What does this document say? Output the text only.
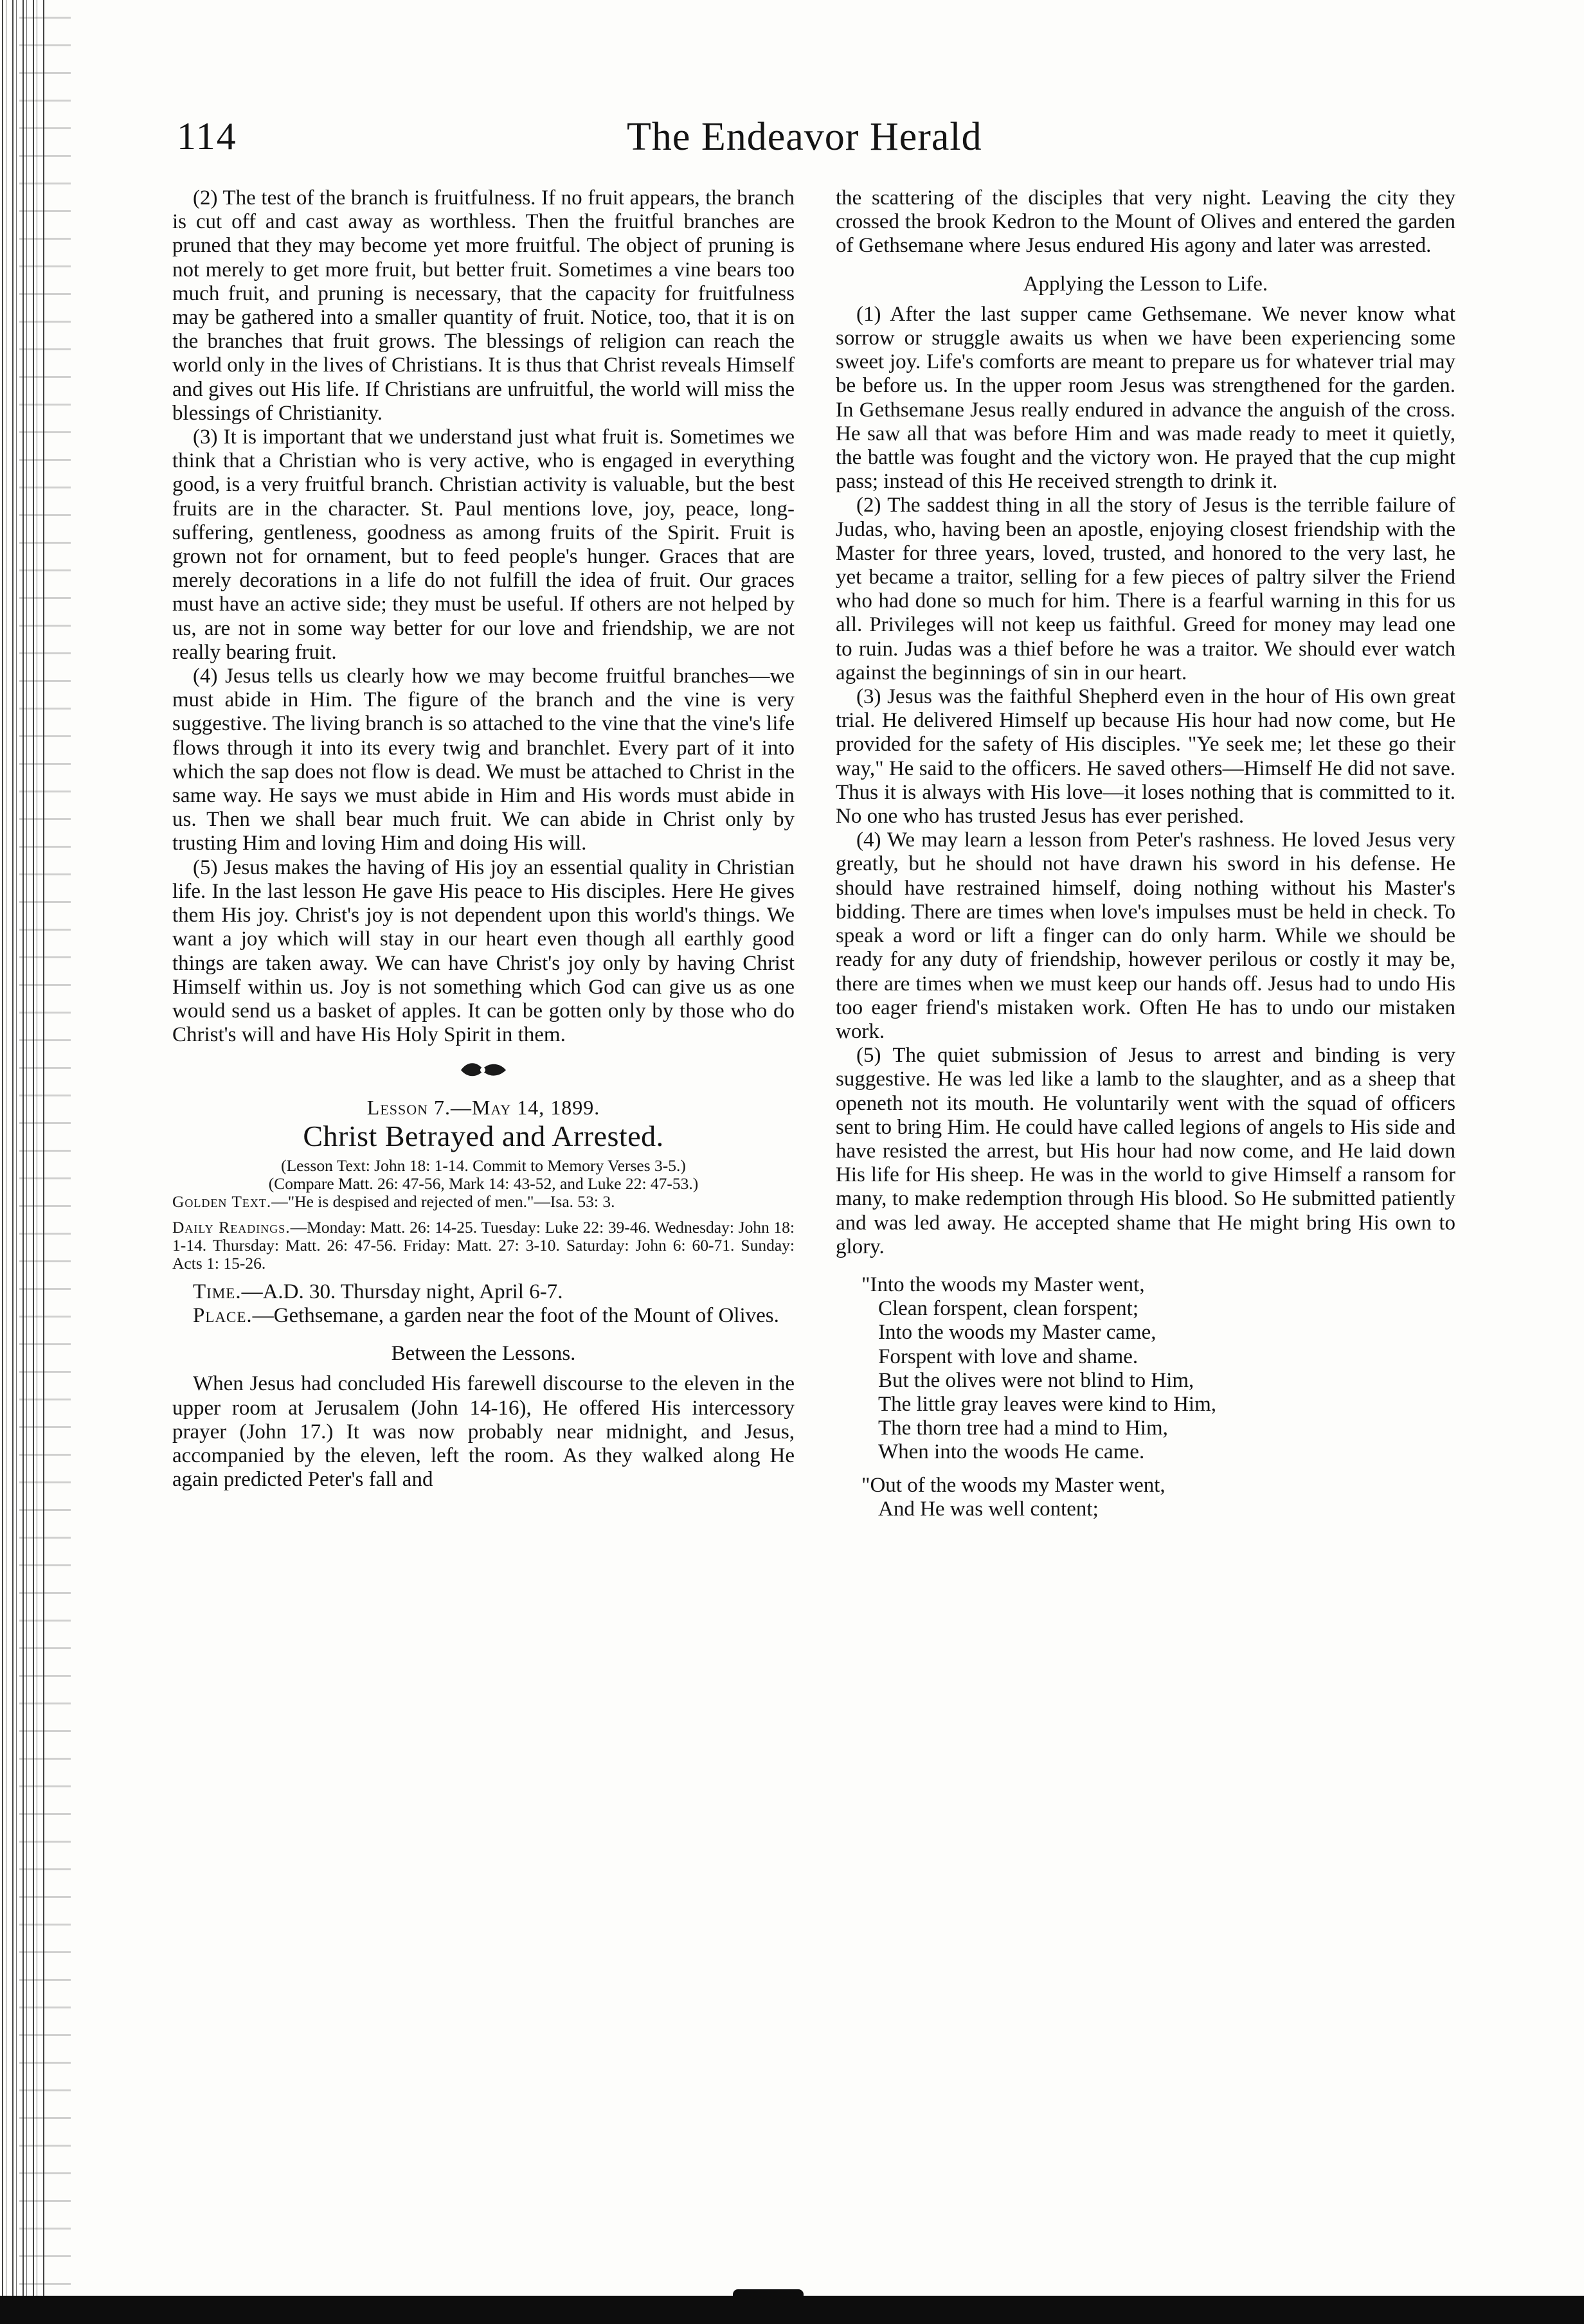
114	The Endeavor Herald

(2) The test of the branch is fruitfulness. If no fruit appears, the branch is cut off and cast away as worthless. Then the fruitful branches are pruned that they may become yet more fruitful. The object of pruning is not merely to get more fruit, but better fruit. Sometimes a vine bears too much fruit, and pruning is necessary, that the capacity for fruitfulness may be gathered into a smaller quantity of fruit. Notice, too, that it is on the branches that fruit grows. The blessings of religion can reach the world only in the lives of Christians. It is thus that Christ reveals Himself and gives out His life. If Christians are unfruitful, the world will miss the blessings of Christianity.

(3) It is important that we understand just what fruit is. Sometimes we think that a Christian who is very active, who is engaged in everything good, is a very fruitful branch. Christian activity is valuable, but the best fruits are in the character. St. Paul mentions love, joy, peace, long-suffering, gentleness, goodness as among fruits of the Spirit. Fruit is grown not for ornament, but to feed people's hunger. Graces that are merely decorations in a life do not fulfill the idea of fruit. Our graces must have an active side; they must be useful. If others are not helped by us, are not in some way better for our love and friendship, we are not really bearing fruit.

(4) Jesus tells us clearly how we may become fruitful branches—we must abide in Him. The figure of the branch and the vine is very suggestive. The living branch is so attached to the vine that the vine's life flows through it into its every twig and branchlet. Every part of it into which the sap does not flow is dead. We must be attached to Christ in the same way. He says we must abide in Him and His words must abide in us. Then we shall bear much fruit. We can abide in Christ only by trusting Him and loving Him and doing His will.

(5) Jesus makes the having of His joy an essential quality in Christian life. In the last lesson He gave His peace to His disciples. Here He gives them His joy. Christ's joy is not dependent upon this world's things. We want a joy which will stay in our heart even though all earthly good things are taken away. We can have Christ's joy only by having Christ Himself within us. Joy is not something which God can give us as one would send us a basket of apples. It can be gotten only by those who do Christ's will and have His Holy Spirit in them.

Lesson 7.—May 14, 1899.
Christ Betrayed and Arrested.

(Lesson Text: John 18: 1-14. Commit to Memory Verses 3-5.)

(Compare Matt. 26: 47-56, Mark 14: 43-52, and Luke 22: 47-53.)

Golden Text.—"He is despised and rejected of men."—Isa. 53: 3.

Daily Readings.—Monday: Matt. 26: 14-25. Tuesday: Luke 22: 39-46. Wednesday: John 18: 1-14. Thursday: Matt. 26: 47-56. Friday: Matt. 27: 3-10. Saturday: John 6: 60-71. Sunday: Acts 1: 15-26.

Time.—A.D. 30. Thursday night, April 6-7.

Place.—Gethsemane, a garden near the foot of the Mount of Olives.

Between the Lessons.

When Jesus had concluded His farewell discourse to the eleven in the upper room at Jerusalem (John 14-16), He offered His intercessory prayer (John 17.) It was now probably near midnight, and Jesus, accompanied by the eleven, left the room. As they walked along He again predicted Peter's fall and

the scattering of the disciples that very night. Leaving the city they crossed the brook Kedron to the Mount of Olives and entered the garden of Gethsemane where Jesus endured His agony and later was arrested.

Applying the Lesson to Life.

(1) After the last supper came Gethsemane. We never know what sorrow or struggle awaits us when we have been experiencing some sweet joy. Life's comforts are meant to prepare us for whatever trial may be before us. In the upper room Jesus was strengthened for the garden. In Gethsemane Jesus really endured in advance the anguish of the cross. He saw all that was before Him and was made ready to meet it quietly, the battle was fought and the victory won. He prayed that the cup might pass; instead of this He received strength to drink it.

(2) The saddest thing in all the story of Jesus is the terrible failure of Judas, who, having been an apostle, enjoying closest friendship with the Master for three years, loved, trusted, and honored to the very last, he yet became a traitor, selling for a few pieces of paltry silver the Friend who had done so much for him. There is a fearful warning in this for us all. Privileges will not keep us faithful. Greed for money may lead one to ruin. Judas was a thief before he was a traitor. We should ever watch against the beginnings of sin in our heart.

(3) Jesus was the faithful Shepherd even in the hour of His own great trial. He delivered Himself up because His hour had now come, but He provided for the safety of His disciples. "Ye seek me; let these go their way," He said to the officers. He saved others—Himself He did not save. Thus it is always with His love—it loses nothing that is committed to it. No one who has trusted Jesus has ever perished.

(4) We may learn a lesson from Peter's rashness. He loved Jesus very greatly, but he should not have drawn his sword in his defense. He should have restrained himself, doing nothing without his Master's bidding. There are times when love's impulses must be held in check. To speak a word or lift a finger can do only harm. While we should be ready for any duty of friendship, however perilous or costly it may be, there are times when we must keep our hands off. Jesus had to undo His too eager friend's mistaken work. Often He has to undo our mistaken work.

(5) The quiet submission of Jesus to arrest and binding is very suggestive. He was led like a lamb to the slaughter, and as a sheep that openeth not its mouth. He voluntarily went with the squad of officers sent to bring Him. He could have called legions of angels to His side and have resisted the arrest, but His hour had now come, and He laid down His life for His sheep. He was in the world to give Himself a ransom for many, to make redemption through His blood. So He submitted patiently and was led away. He accepted shame that He might bring His own to glory.

"Into the woods my Master went,
Clean forspent, clean forspent;
Into the woods my Master came,
Forspent with love and shame.
But the olives were not blind to Him,
The little gray leaves were kind to Him,
The thorn tree had a mind to Him,
When into the woods He came.
"Out of the woods my Master went,
And He was well content;
